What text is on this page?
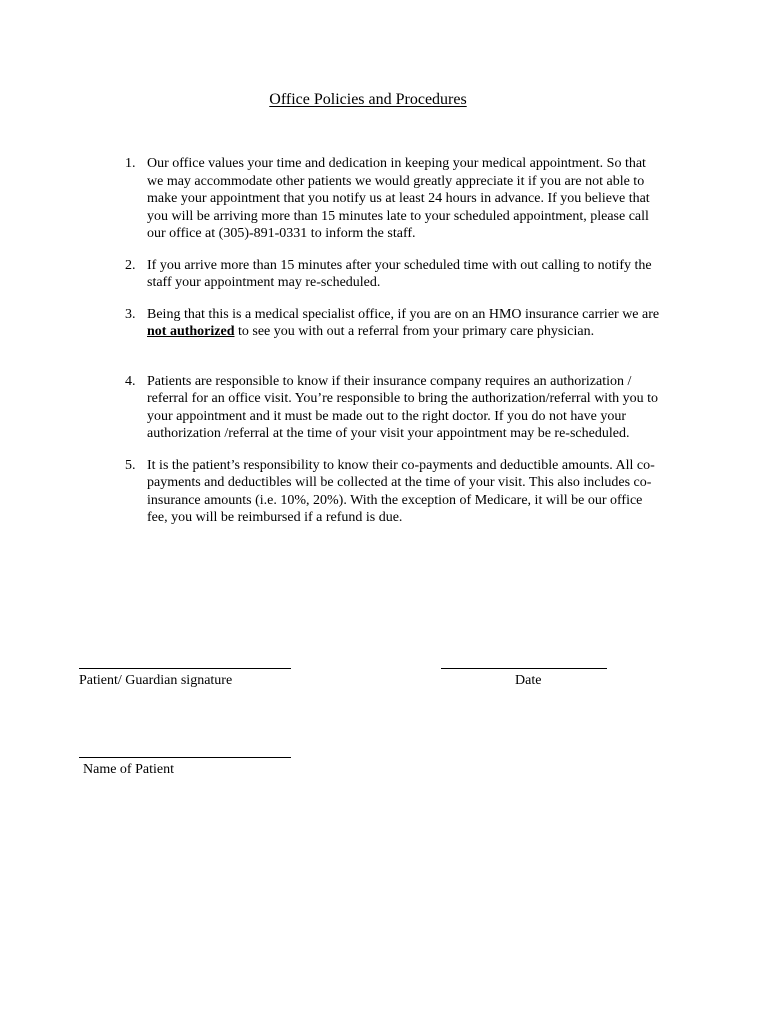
Office Policies and Procedures
1. Our office values your time and dedication in keeping your medical appointment. So that we may accommodate other patients we would greatly appreciate it if you are not able to make your appointment that you notify us at least 24 hours in advance. If you believe that you will be arriving more than 15 minutes late to your scheduled appointment, please call our office at (305)-891-0331 to inform the staff.
2. If you arrive more than 15 minutes after your scheduled time with out calling to notify the staff your appointment may re-scheduled.
3. Being that this is a medical specialist office, if you are on an HMO insurance carrier we are not authorized to see you with out a referral from your primary care physician.
4. Patients are responsible to know if their insurance company requires an authorization / referral for an office visit. You’re responsible to bring the authorization/referral with you to your appointment and it must be made out to the right doctor. If you do not have your authorization /referral at the time of your visit your appointment may be re-scheduled.
5. It is the patient’s responsibility to know their co-payments and deductible amounts. All co-payments and deductibles will be collected at the time of your visit. This also includes co-insurance amounts (i.e. 10%, 20%). With the exception of Medicare, it will be our office fee, you will be reimbursed if a refund is due.
Patient/ Guardian signature	Date
Name of Patient
